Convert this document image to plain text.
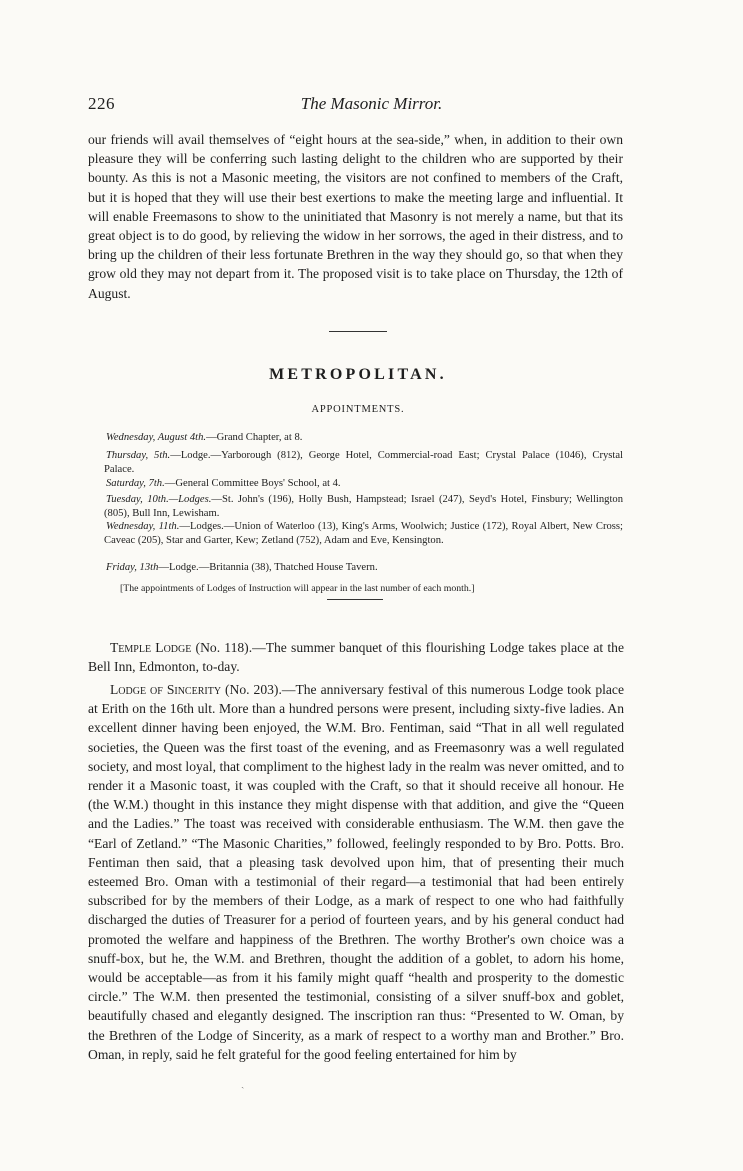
226	The Masonic Mirror.

our friends will avail themselves of “eight hours at the sea-side,” when, in addition to their own pleasure they will be conferring such lasting delight to the children who are supported by their bounty. As this is not a Masonic meeting, the visitors are not confined to members of the Craft, but it is hoped that they will use their best exertions to make the meeting large and influential. It will enable Freemasons to show to the uninitiated that Masonry is not merely a name, but that its great object is to do good, by relieving the widow in her sorrows, the aged in their distress, and to bring up the children of their less fortunate Brethren in the way they should go, so that when they grow old they may not depart from it. The proposed visit is to take place on Thursday, the 12th of August.

METROPOLITAN.
APPOINTMENTS.

Wednesday, August 4th.—Grand Chapter, at 8.

Thursday, 5th.—Lodge.—Yarborough (812), George Hotel, Commercial-road East; Crystal Palace (1046), Crystal Palace.

Saturday, 7th.—General Committee Boys' School, at 4.

Tuesday, 10th.—Lodges.—St. John's (196), Holly Bush, Hampstead; Israel (247), Seyd's Hotel, Finsbury; Wellington (805), Bull Inn, Lewisham.

Wednesday, 11th.—Lodges.—Union of Waterloo (13), King's Arms, Woolwich; Justice (172), Royal Albert, New Cross; Caveac (205), Star and Garter, Kew; Zetland (752), Adam and Eve, Kensington.

Friday, 13th—Lodge.—Britannia (38), Thatched House Tavern.

[The appointments of Lodges of Instruction will appear in the last number of each month.]

Temple Lodge (No. 118).—The summer banquet of this flourishing Lodge takes place at the Bell Inn, Edmonton, to-day.

Lodge of Sincerity (No. 203).—The anniversary festival of this numerous Lodge took place at Erith on the 16th ult. More than a hundred persons were present, including sixty-five ladies. An excellent dinner having been enjoyed, the W.M. Bro. Fentiman, said “That in all well regulated societies, the Queen was the first toast of the evening, and as Freemasonry was a well regulated society, and most loyal, that compliment to the highest lady in the realm was never omitted, and to render it a Masonic toast, it was coupled with the Craft, so that it should receive all honour. He (the W.M.) thought in this instance they might dispense with that addition, and give the “Queen and the Ladies.” The toast was received with considerable enthusiasm. The W.M. then gave the “Earl of Zetland.” “The Masonic Charities,” followed, feelingly responded to by Bro. Potts. Bro. Fentiman then said, that a pleasing task devolved upon him, that of presenting their much esteemed Bro. Oman with a testimonial of their regard—a testimonial that had been entirely subscribed for by the members of their Lodge, as a mark of respect to one who had faithfully discharged the duties of Treasurer for a period of fourteen years, and by his general conduct had promoted the welfare and happiness of the Brethren. The worthy Brother's own choice was a snuff-box, but he, the W.M. and Brethren, thought the addition of a goblet, to adorn his home, would be acceptable—as from it his family might quaff “health and prosperity to the domestic circle.” The W.M. then presented the testimonial, consisting of a silver snuff-box and goblet, beautifully chased and elegantly designed. The inscription ran thus: “Presented to W. Oman, by the Brethren of the Lodge of Sincerity, as a mark of respect to a worthy man and Brother.” Bro. Oman, in reply, said he felt grateful for the good feeling entertained for him by

ˎ
